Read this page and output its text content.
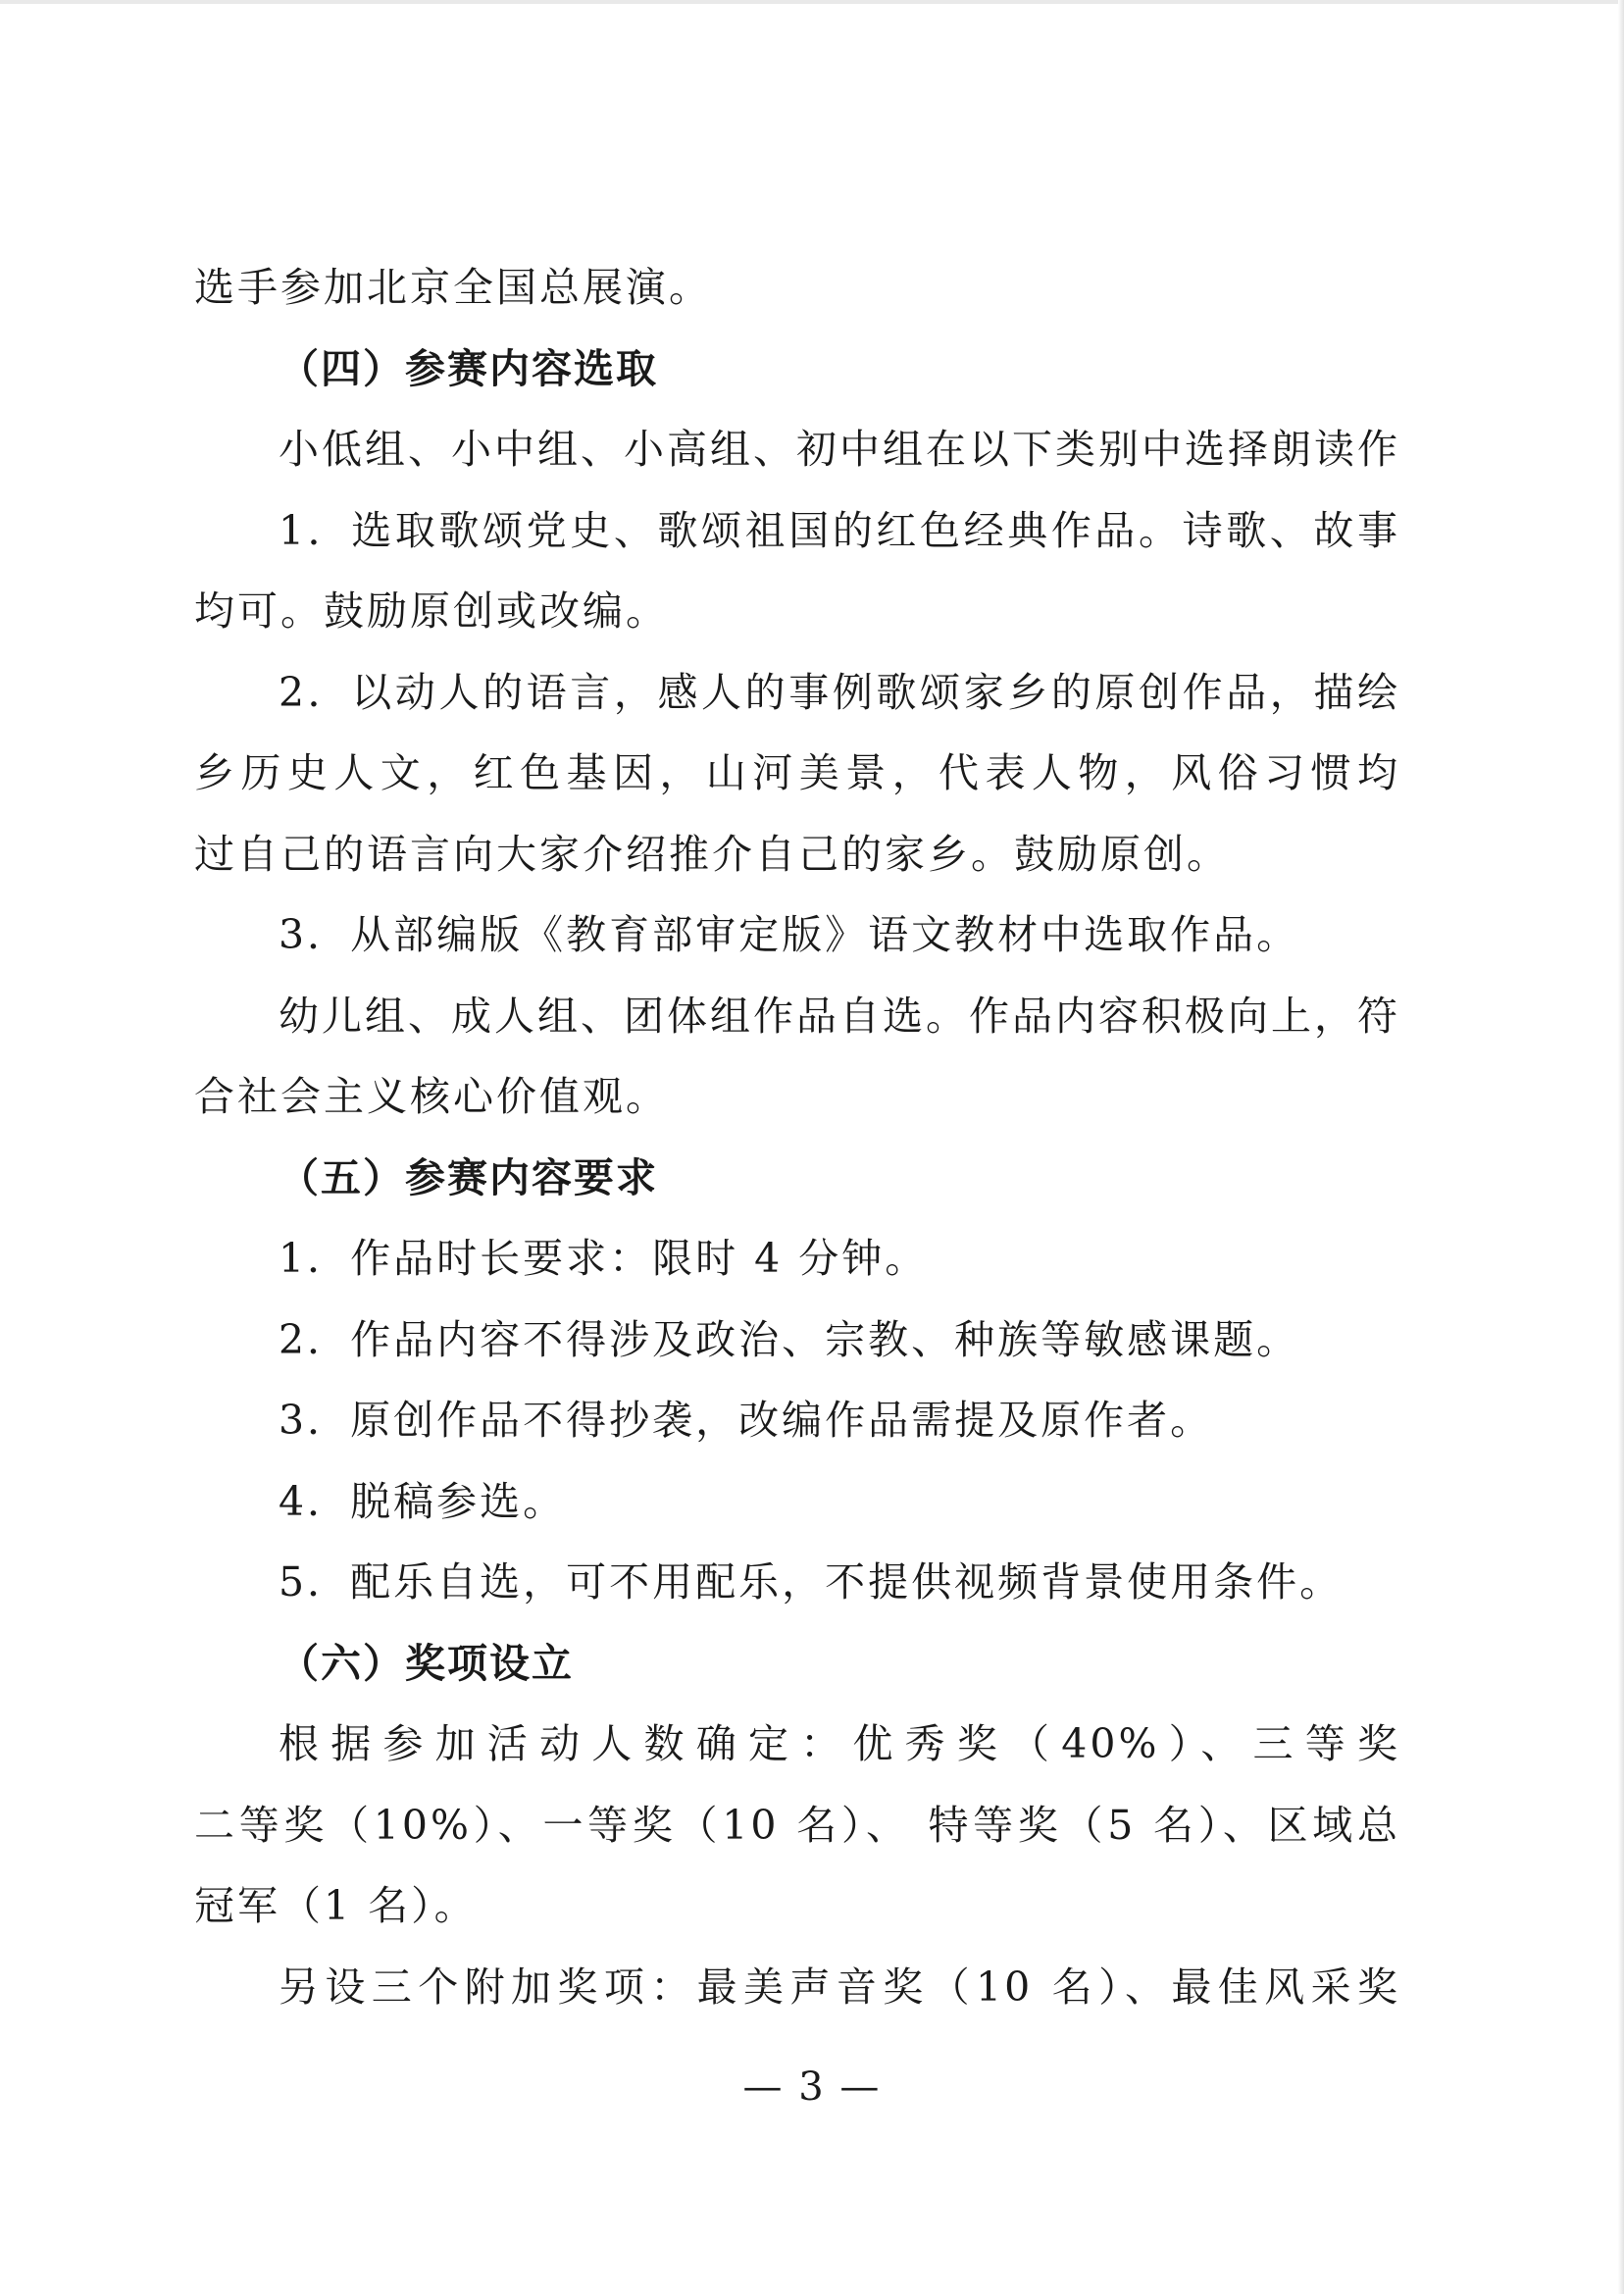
选手参加北京全国总展演。
（四）参赛内容选取
小低组、小中组、小高组、初中组在以下类别中选择朗读作
1．选取歌颂党史、歌颂祖国的红色经典作品。诗歌、故事
均可。鼓励原创或改编。
2．以动人的语言，感人的事例歌颂家乡的原创作品，描绘
乡历史人文，红色基因，山河美景，代表人物，风俗习惯均
过自己的语言向大家介绍推介自己的家乡。鼓励原创。
3．从部编版《教育部审定版》语文教材中选取作品。
幼儿组、成人组、团体组作品自选。作品内容积极向上，符
合社会主义核心价值观。
（五）参赛内容要求
1．作品时长要求：限时 4 分钟。
2．作品内容不得涉及政治、宗教、种族等敏感课题。
3．原创作品不得抄袭，改编作品需提及原作者。
4．脱稿参选。
5．配乐自选，可不用配乐，不提供视频背景使用条件。
（六）奖项设立
根据参加活动人数确定：优秀奖（40%）、三等奖
二等奖（10%）、一等奖（10 名）、 特等奖（5 名）、区域总
冠军（1 名）。
另设三个附加奖项：最美声音奖（10 名）、最佳风采奖
— 3 —
